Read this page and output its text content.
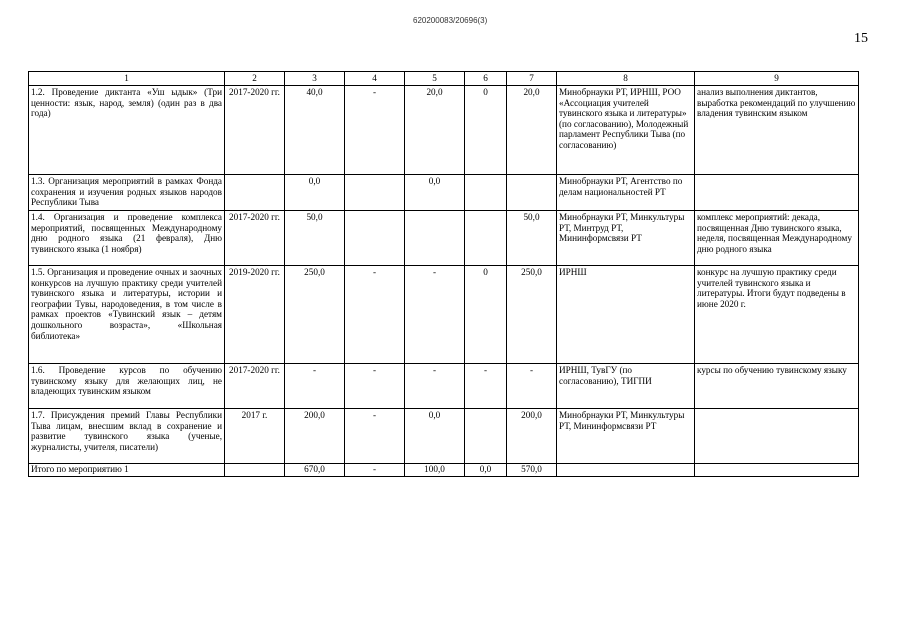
620200083/20696(3)
15
1	2	3	4	5	6	7	8	9
1.2. Проведение диктанта «Уш ыдык» (Три ценности: язык, народ, земля) (один раз в два года)	2017-2020 гг.	40,0	-	20,0	0	20,0	Минобрнауки РТ, ИРНШ, РОО «Ассоциация учителей тувинского языка и литературы» (по согласованию), Молодежный парламент Республики Тыва (по согласованию)	анализ выполнения диктантов, выработка рекомендаций по улучшению владения тувинским языком
1.3. Организация мероприятий в рамках Фонда сохранения и изучения родных языков народов Республики Тыва		0,0		0,0			Минобрнауки РТ, Агентство по делам национальностей РТ	
1.4. Организация и проведение комплекса мероприятий, посвященных Международному дню родного языка (21 февраля), Дню тувинского языка (1 ноября)	2017-2020 гг.	50,0				50,0	Минобрнауки РТ, Минкультуры РТ, Минтруд РТ, Mининформсвязи РТ	комплекс мероприятий: декада, посвященная Дню тувинского языка, неделя, посвященная Международному дню родного языка
1.5. Организация и проведение очных и заочных конкурсов на лучшую практику среди учителей тувинского языка и литературы, истории и географии Тувы, народоведения, в том числе в рамках проектов «Тувинский язык – детям дошкольного возраста», «Школьная библиотека»	2019-2020 гг.	250,0	-	-	0	250,0	ИРНШ	конкурс на лучшую практику среди учителей тувинского языка и литературы. Итоги будут подведены в июне 2020 г.
1.6. Проведение курсов по обучению тувинскому языку для желающих лиц, не владеющих тувинским языком	2017-2020 гг.	-	-	-	-	-	ИРНШ, ТувГУ (по согласованию), ТИГПИ	курсы по обучению тувинскому языку
1.7. Присуждения премий Главы Республики Тыва лицам, внесшим вклад в сохранение и развитие тувинского языка (ученые, журналисты, учителя, писатели)	2017 г.	200,0	-	0,0		200,0	Минобрнауки РТ, Минкультуры РТ, Mининформсвязи РТ	
Итого по мероприятию 1		670,0	-	100,0	0,0	570,0		
